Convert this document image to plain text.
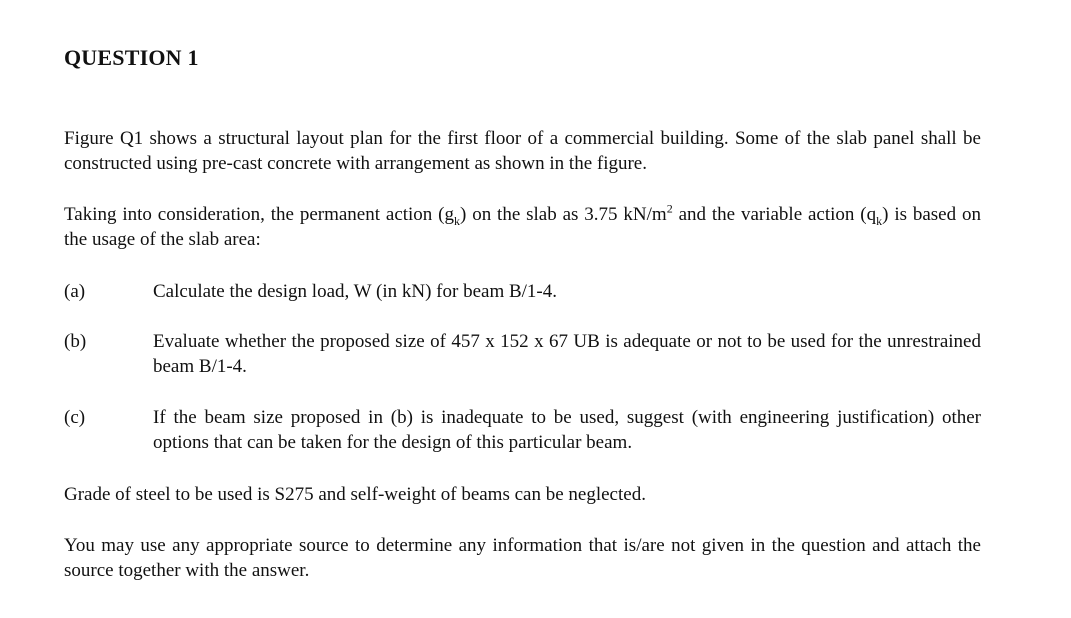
QUESTION 1
Figure Q1 shows a structural layout plan for the first floor of a commercial building. Some of the slab panel shall be constructed using pre-cast concrete with arrangement as shown in the figure.
Taking into consideration, the permanent action $(g_k)$ on the slab as 3.75 $kN/m^2$ and the variable action $(q_k)$ is based on the usage of the slab area:
(a)	Calculate the design load, W (in kN) for beam B/1-4.
(b)	Evaluate whether the proposed size of 457 x 152 x 67 UB is adequate or not to be used for the unrestrained beam B/1-4.
(c)	If the beam size proposed in (b) is inadequate to be used, suggest (with engineering justification) other options that can be taken for the design of this particular beam.
Grade of steel to be used is S275 and self-weight of beams can be neglected.
You may use any appropriate source to determine any information that is/are not given in the question and attach the source together with the answer.
